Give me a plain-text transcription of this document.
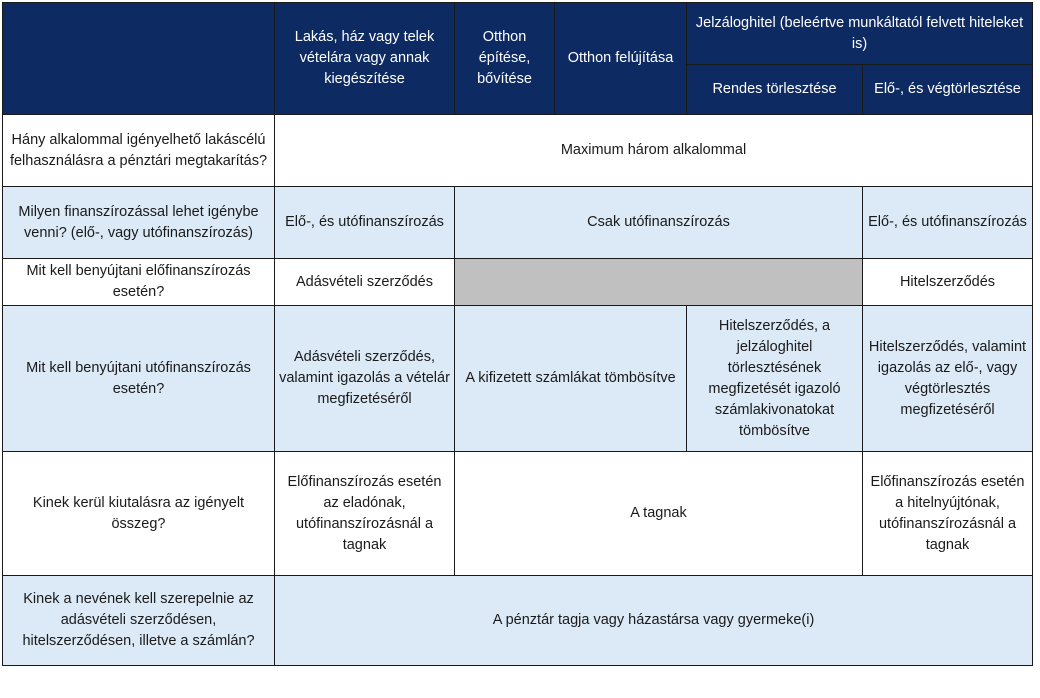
	Lakás, ház vagy telek vételára vagy annak kiegészítése	Otthon építése, bővítése	Otthon felújítása	Jelzáloghitel (beleértve munkáltatól felvett hiteleket is)	
				Rendes törlesztése	Elő-, és végtörlesztése
Hány alkalommal igényelhető lakáscélú felhasználásra a pénztári megtakarítás?	Maximum három alkalommal				
Milyen finanszírozással lehet igénybe venni? (elő-, vagy utófinanszírozás)	Elő-, és utófinanszírozás	Csak utófinanszírozás			Elő-, és utófinanszírozás
Mit kell benyújtani előfinanszírozás esetén?	Adásvételi szerződés				Hitelszerződés
Mit kell benyújtani utófinanszírozás esetén?	Adásvételi szerződés, valamint igazolás a vételár megfizetéséről	A kifizetett számlákat tömbösítve		Hitelszerződés, a jelzáloghitel törlesztésének megfizetését igazoló számlakivonatokat tömbösítve	Hitelszerződés, valamint igazolás az elő-, vagy végtörlesztés megfizetéséről
Kinek kerül kiutalásra az igényelt összeg?	Előfinanszírozás esetén az eladónak, utófinanszírozásnál a tagnak	A tagnak			Előfinanszírozás esetén a hitelnyújtónak, utófinanszírozásnál a tagnak
Kinek a nevének kell szerepelnie az adásvételi szerződésen, hitelszerződésen, illetve a számlán?	A pénztár tagja vagy házastársa vagy gyermeke(i)				
